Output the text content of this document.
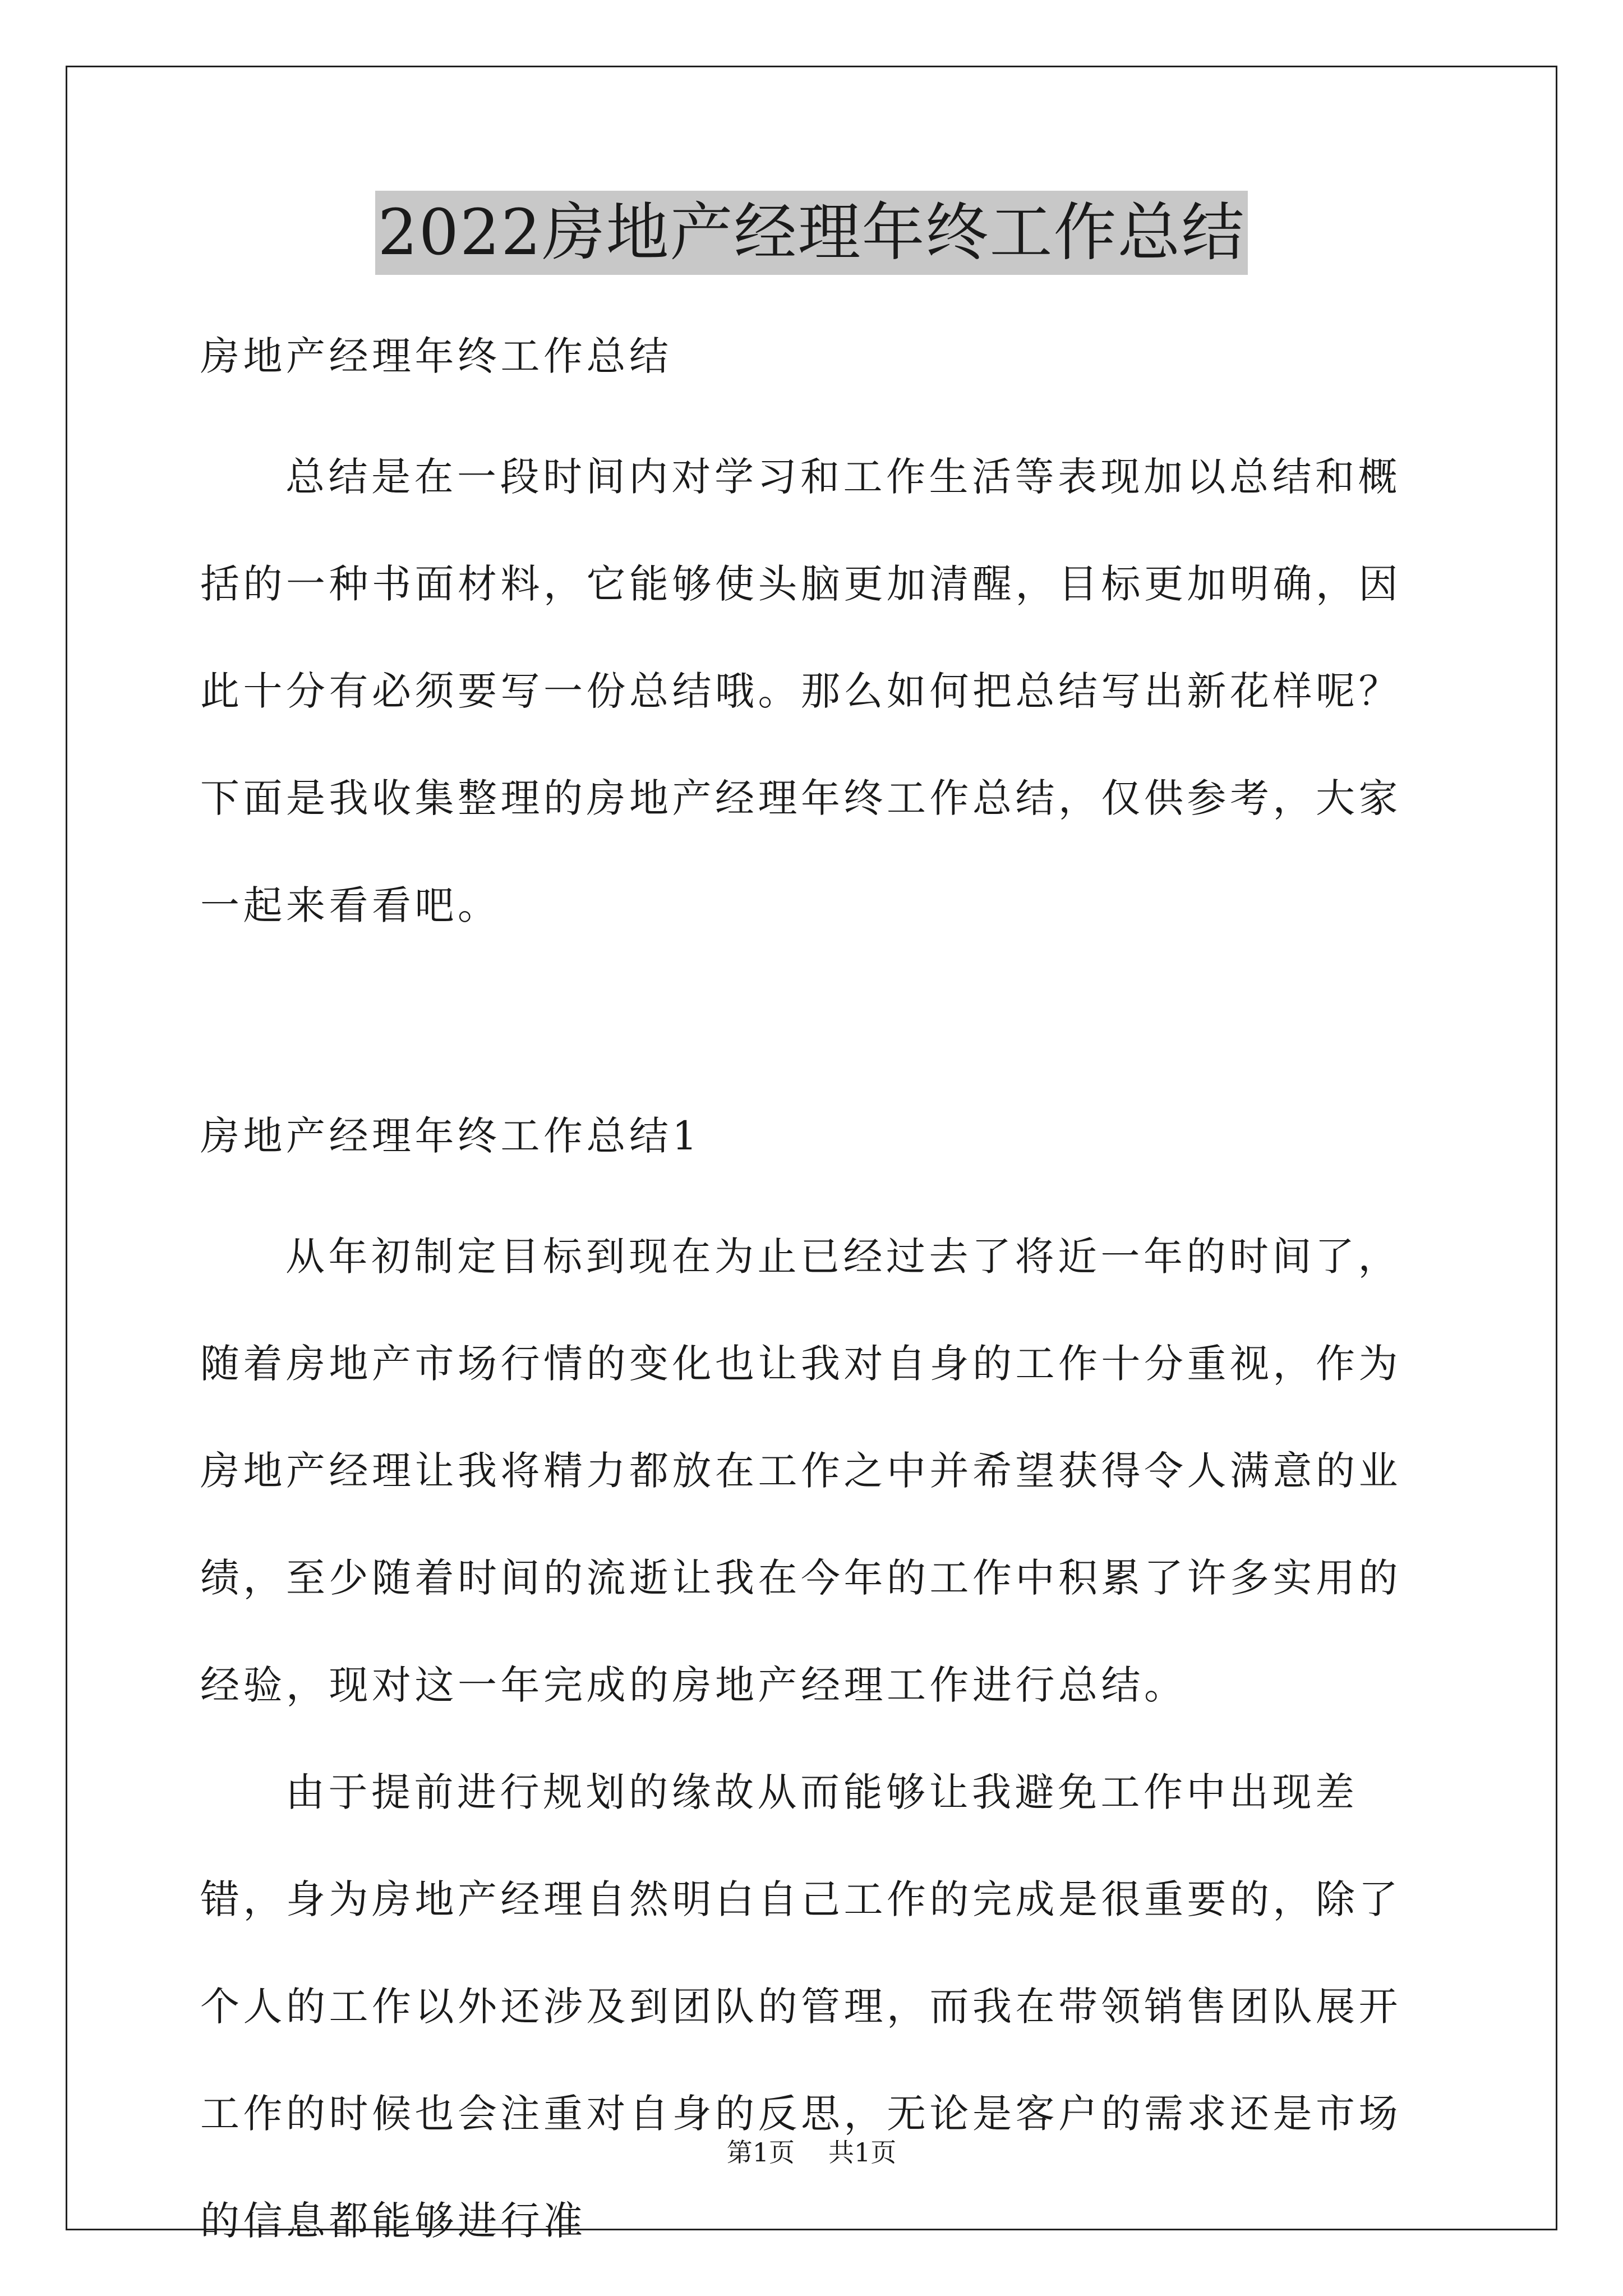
2022房地产经理年终工作总结

房地产经理年终工作总结

总结是在一段时间内对学习和工作生活等表现加以总结和概括的一种书面材料，它能够使头脑更加清醒，目标更加明确，因此十分有必须要写一份总结哦。那么如何把总结写出新花样呢？下面是我收集整理的房地产经理年终工作总结，仅供参考，大家一起来看看吧。

房地产经理年终工作总结1

从年初制定目标到现在为止已经过去了将近一年的时间了，随着房地产市场行情的变化也让我对自身的工作十分重视，作为房地产经理让我将精力都放在工作之中并希望获得令人满意的业绩，至少随着时间的流逝让我在今年的工作中积累了许多实用的经验，现对这一年完成的房地产经理工作进行总结。

由于提前进行规划的缘故从而能够让我避免工作中出现差错，身为房地产经理自然明白自己工作的完成是很重要的，除了个人的工作以外还涉及到团队的管理，而我在带领销售团队展开工作的时候也会注重对自身的反思，无论是客户的需求还是市场的信息都能够进行准

第1页 共1页
